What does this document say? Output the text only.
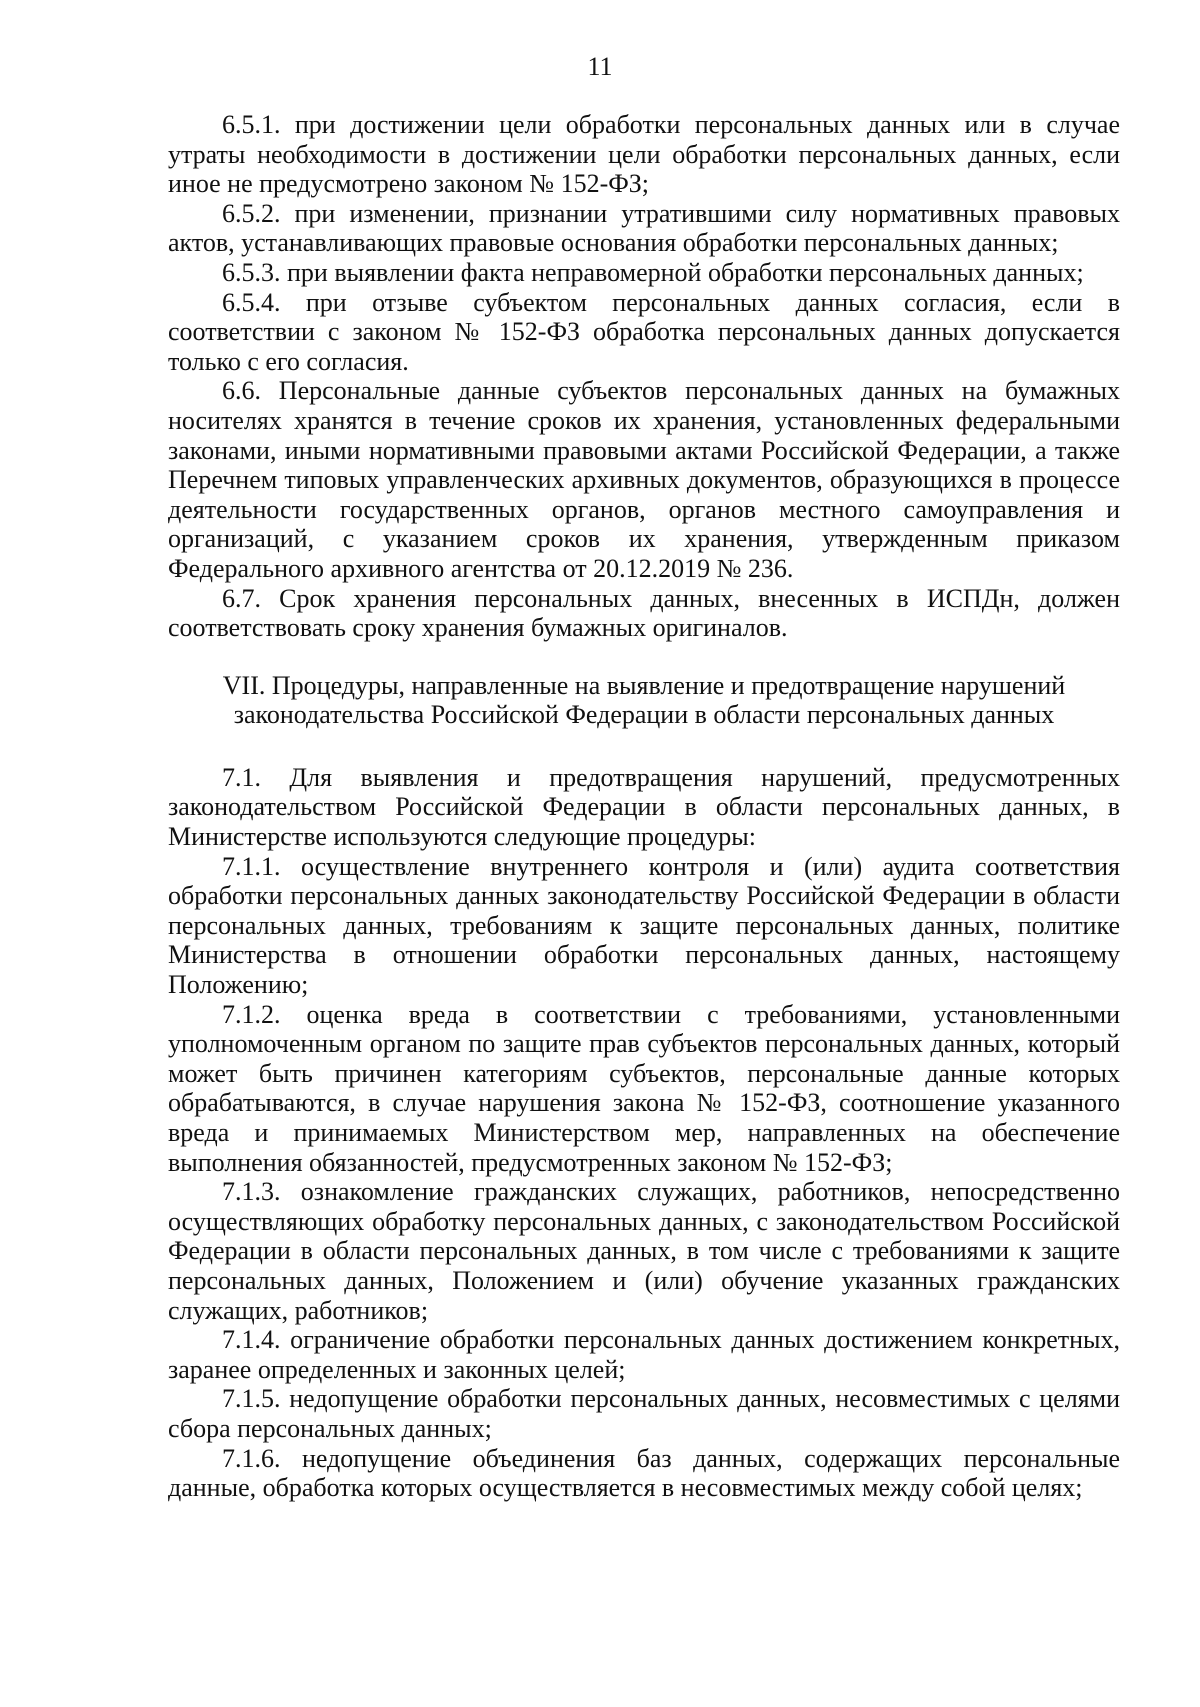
11

6.5.1. при достижении цели обработки персональных данных или в случае утраты необходимости в достижении цели обработки персональных данных, если иное не предусмотрено законом № 152-ФЗ;

6.5.2. при изменении, признании утратившими силу нормативных правовых актов, устанавливающих правовые основания обработки персональных данных;

6.5.3. при выявлении факта неправомерной обработки персональных данных;

6.5.4. при отзыве субъектом персональных данных согласия, если в соответствии с законом № 152-ФЗ обработка персональных данных допускается только с его согласия.

6.6. Персональные данные субъектов персональных данных на бумажных носителях хранятся в течение сроков их хранения, установленных федеральными законами, иными нормативными правовыми актами Российской Федерации, а также Перечнем типовых управленческих архивных документов, образующихся в процессе деятельности государственных органов, органов местного самоуправления и организаций, с указанием сроков их хранения, утвержденным приказом Федерального архивного агентства от 20.12.2019 № 236.

6.7. Срок хранения персональных данных, внесенных в ИСПДн, должен соответствовать сроку хранения бумажных оригиналов.

VII. Процедуры, направленные на выявление и предотвращение нарушений
законодательства Российской Федерации в области персональных данных

7.1. Для выявления и предотвращения нарушений, предусмотренных законодательством Российской Федерации в области персональных данных, в Министерстве используются следующие процедуры:

7.1.1. осуществление внутреннего контроля и (или) аудита соответствия обработки персональных данных законодательству Российской Федерации в области персональных данных, требованиям к защите персональных данных, политике Министерства в отношении обработки персональных данных, настоящему Положению;

7.1.2. оценка вреда в соответствии с требованиями, установленными уполномоченным органом по защите прав субъектов персональных данных, который может быть причинен категориям субъектов, персональные данные которых обрабатываются, в случае нарушения закона № 152-ФЗ, соотношение указанного вреда и принимаемых Министерством мер, направленных на обеспечение выполнения обязанностей, предусмотренных законом № 152-ФЗ;

7.1.3. ознакомление гражданских служащих, работников, непосредственно осуществляющих обработку персональных данных, с законодательством Российской Федерации в области персональных данных, в том числе с требованиями к защите персональных данных, Положением и (или) обучение указанных гражданских служащих, работников;

7.1.4. ограничение обработки персональных данных достижением конкретных, заранее определенных и законных целей;

7.1.5. недопущение обработки персональных данных, несовместимых с целями сбора персональных данных;

7.1.6. недопущение объединения баз данных, содержащих персональные данные, обработка которых осуществляется в несовместимых между собой целях;
